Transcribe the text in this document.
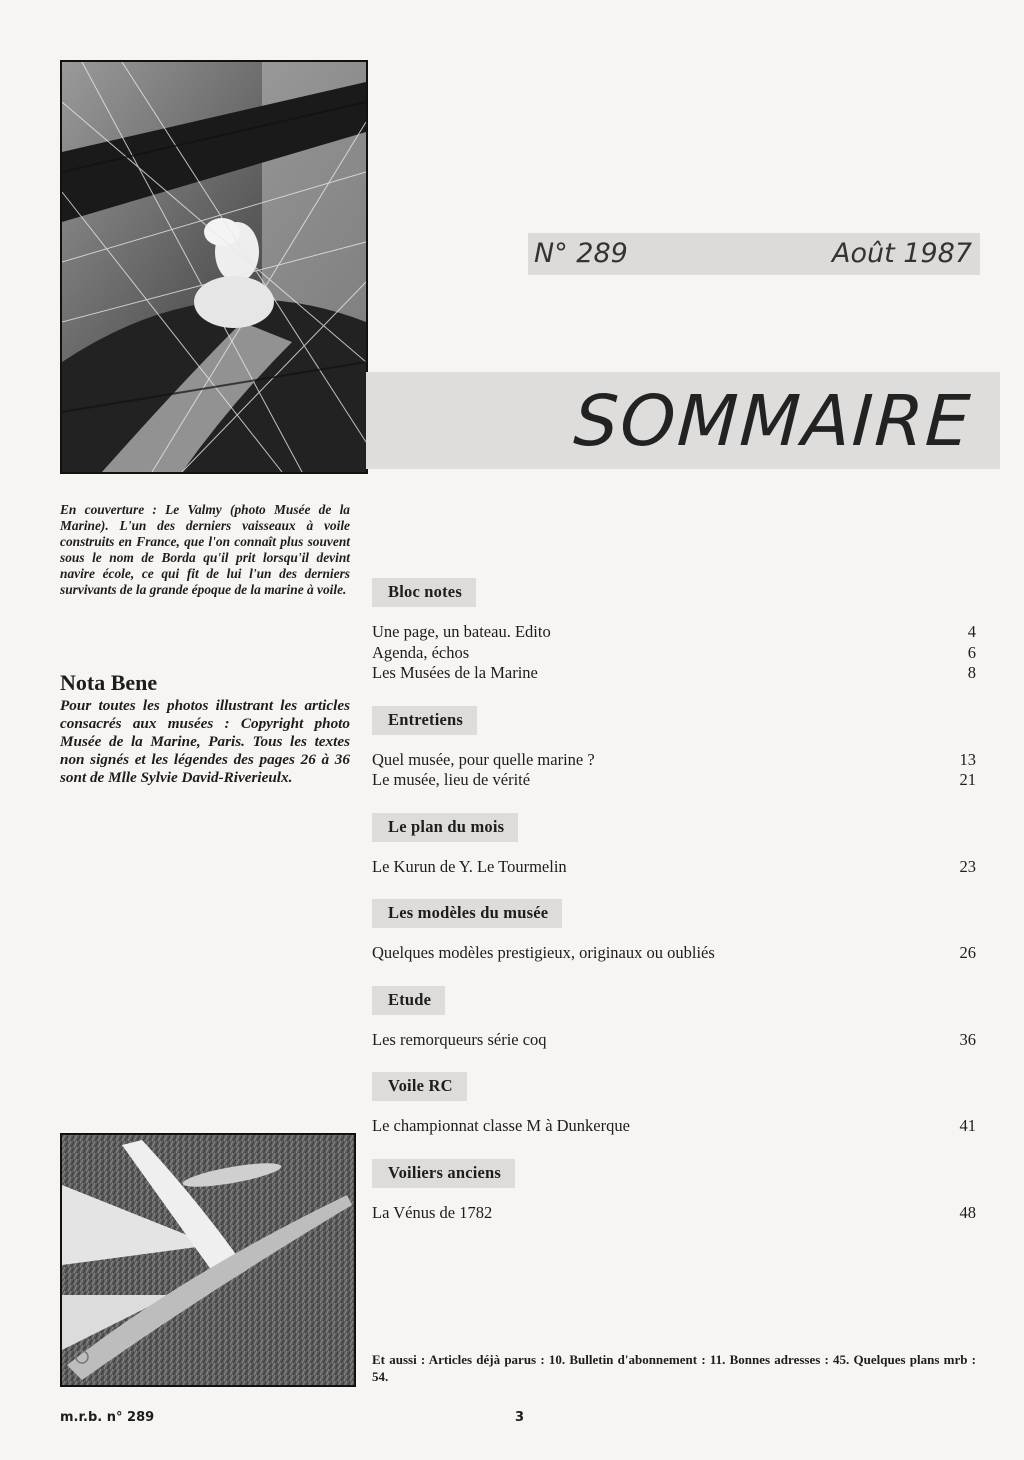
N° 289	Août 1987
SOMMAIRE
En couverture : Le Valmy (photo Musée de la Marine). L'un des derniers vaisseaux à voile construits en France, que l'on connaît plus souvent sous le nom de Borda qu'il prit lorsqu'il devint navire école, ce qui fit de lui l'un des derniers survivants de la grande époque de la marine à voile.
Nota Bene
Pour toutes les photos illustrant les articles consacrés aux musées : Copyright photo Musée de la Marine, Paris. Tous les textes non signés et les légendes des pages 26 à 36 sont de Mlle Sylvie David-Riverieulx.
Bloc notes
Une page, un bateau. Edito	4
Agenda, échos	6
Les Musées de la Marine	8
Entretiens
Quel musée, pour quelle marine ?	13
Le musée, lieu de vérité	21
Le plan du mois
Le Kurun de Y. Le Tourmelin	23
Les modèles du musée
Quelques modèles prestigieux, originaux ou oubliés	26
Etude
Les remorqueurs série coq	36
Voile RC
Le championnat classe M à Dunkerque	41
Voiliers anciens
La Vénus de 1782	48
Et aussi : Articles déjà parus : 10. Bulletin d'abonnement : 11. Bonnes adresses : 45. Quelques plans mrb : 54.
m.r.b. n° 289	3
